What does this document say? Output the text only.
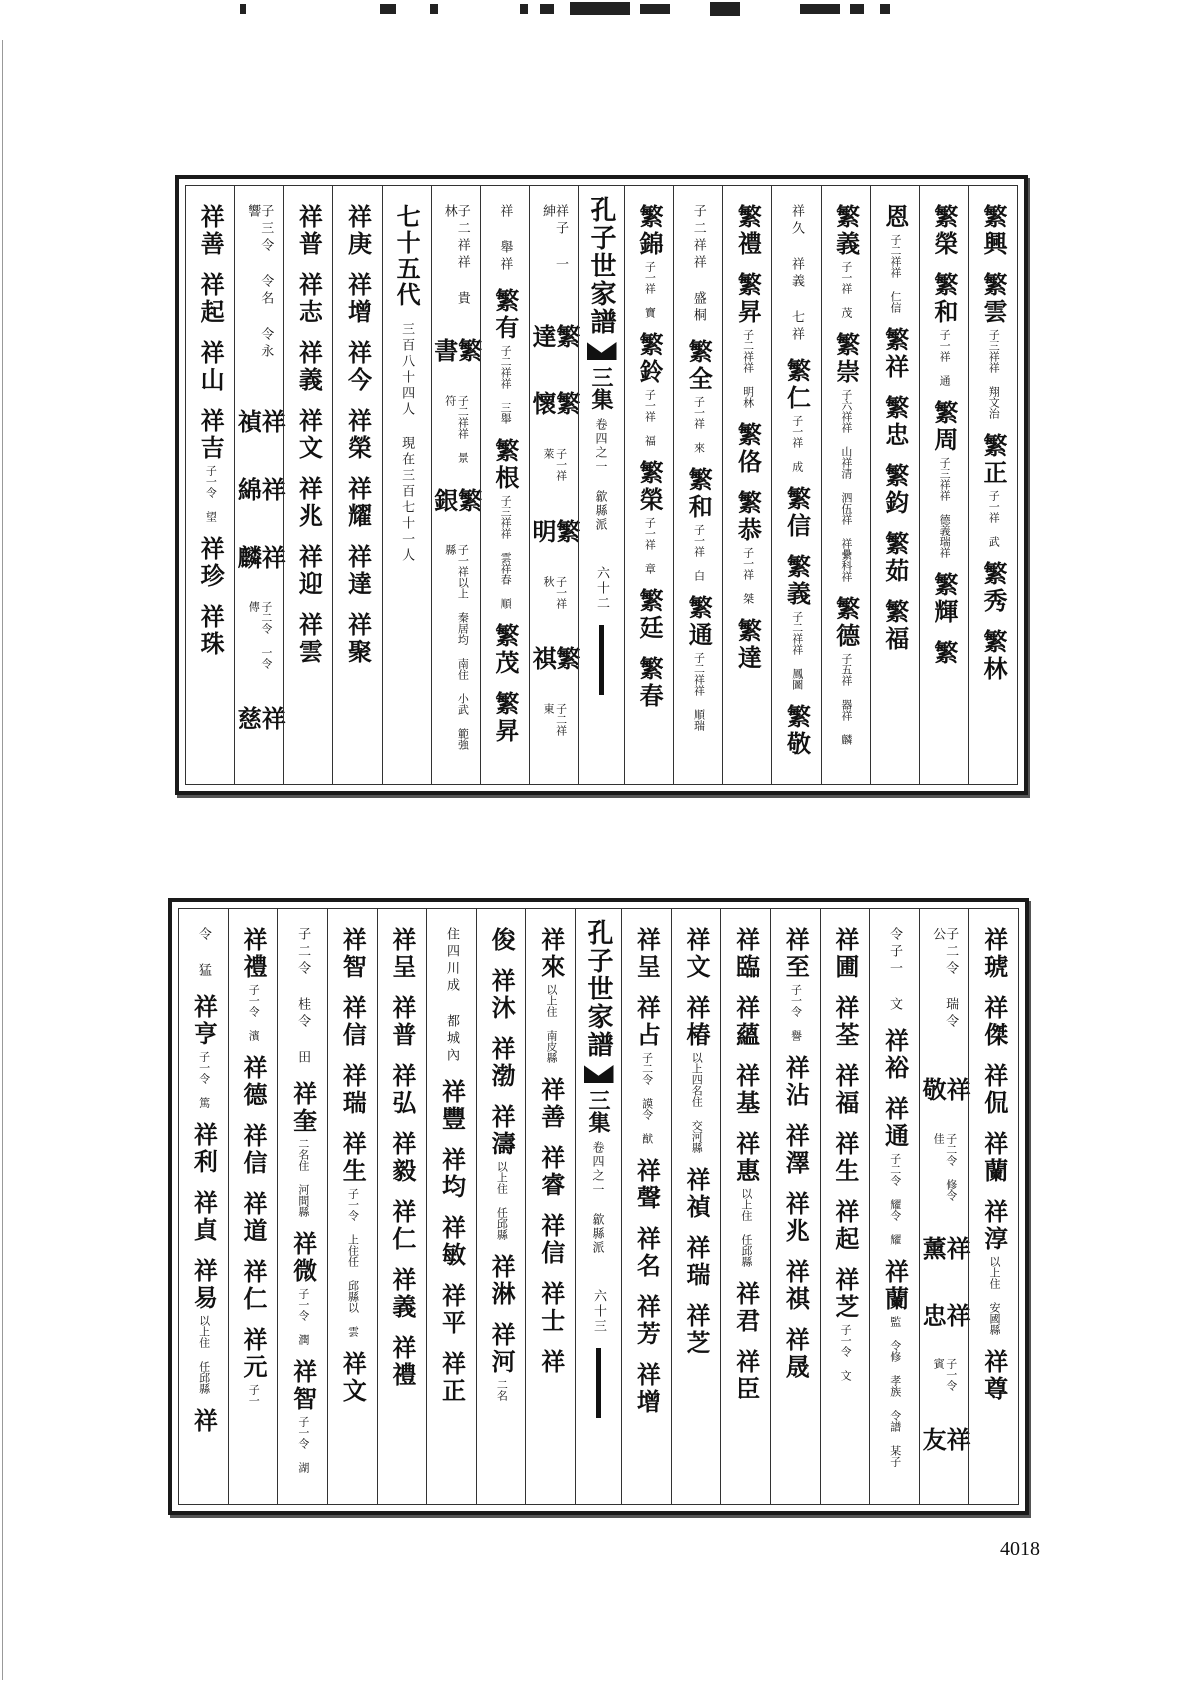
繁興
繁雲
子三祥祥 翔文治
繁正
子一祥 武
繁秀
繁林
繁榮
繁和
子一祥 通
繁周
子三祥祥 德義瑞祥
繁輝
繁
恩
子二祥祥 仁信
繁祥
繁忠
繁鈞
繁茹
繁福
繁義
子一祥 茂
繁崇
子六祥祥 山祥清 泗伍祥 祥纍科祥
繁德
子五祥 器祥 麟
祥久 祥義 七祥
繁仁
子一祥 成
繁信
繁義
子二祥祥 鳳圖
繁敬
繁禮
繁昇
子二祥祥 明林
繁佫
繁恭
子一祥 桀
繁達
子二祥祥 盛桐
繁全
子一祥 來
繁和
子一祥 白
繁通
子二祥祥 順瑞
繁錦
子一祥 寶
繁鈴
子一祥 福
繁榮
子一祥 章
繁廷
繁春
孔子世家譜
三集
卷四之一
歙縣派
六十二
祥子 一 紳
繁達
繁懷
子一祥 萊
繁明
子一祥 秋
繁祺
子二祥 東
祥 舉祥
繁有
子二祥祥 三舉
繁根
子三祥祥 雲祥春 順
繁茂
繁昇
子二祥祥 貴林
繁書
子二祥祥 景符
繁銀
子一祥以上 秦居均 南住 小武 範強縣
七十五代
三百八十四人 現在三百七十一人
祥庚
祥增
祥今
祥榮
祥耀
祥達
祥聚
祥普
祥志
祥義
祥文
祥兆
祥迎
祥雲
子三令 令名 令永 響
祥禎
祥綿
祥麟
子二令 一令 傳
祥慈
祥善
祥起
祥山
祥吉
子一令 望
祥珍
祥珠
祥琥
祥傑
祥侃
祥蘭
祥淳
以上住 安國縣
祥尊
子二令 瑞令 公
祥敬
子二令 修令 佳
祥薰
祥忠
子一令 賓
祥友
令子一 文
祥裕
祥通
子二令 耀令 耀
祥蘭
監 令修 孝族 令譜 某子
祥圃
祥荃
祥福
祥生
祥起
祥芝
子一令 文
祥至
子一令 譽
祥沾
祥澤
祥兆
祥祺
祥晟
祥臨
祥蘊
祥基
祥惠
以上住 任邱縣
祥君
祥臣
祥文
祥椿
以上四名住 交河縣
祥禎
祥瑞
祥芝
祥呈
祥占
子二令 謨令 猷
祥聲
祥名
祥芳
祥增
孔子世家譜
三集
卷四之一
歙縣派
六十三
祥來
以上住 南皮縣
祥善
祥睿
祥信
祥士
祥
俊
祥沐
祥渤
祥濤
以上住 任邱縣
祥淋
祥河
二名
住四川成 都城內
祥豐
祥均
祥敏
祥平
祥正
祥呈
祥普
祥弘
祥毅
祥仁
祥義
祥禮
祥智
祥信
祥瑞
祥生
子一令 上住任 邱縣以 雲
祥文
子二令 桂令 田
祥奎
二名住 河間縣
祥微
子一令 潤
祥智
子一令 湖
祥禮
子一令 濱
祥德
祥信
祥道
祥仁
祥元
子一
令 猛
祥亨
子一令 篤
祥利
祥貞
祥易
以上住 任邱縣
祥
4018
